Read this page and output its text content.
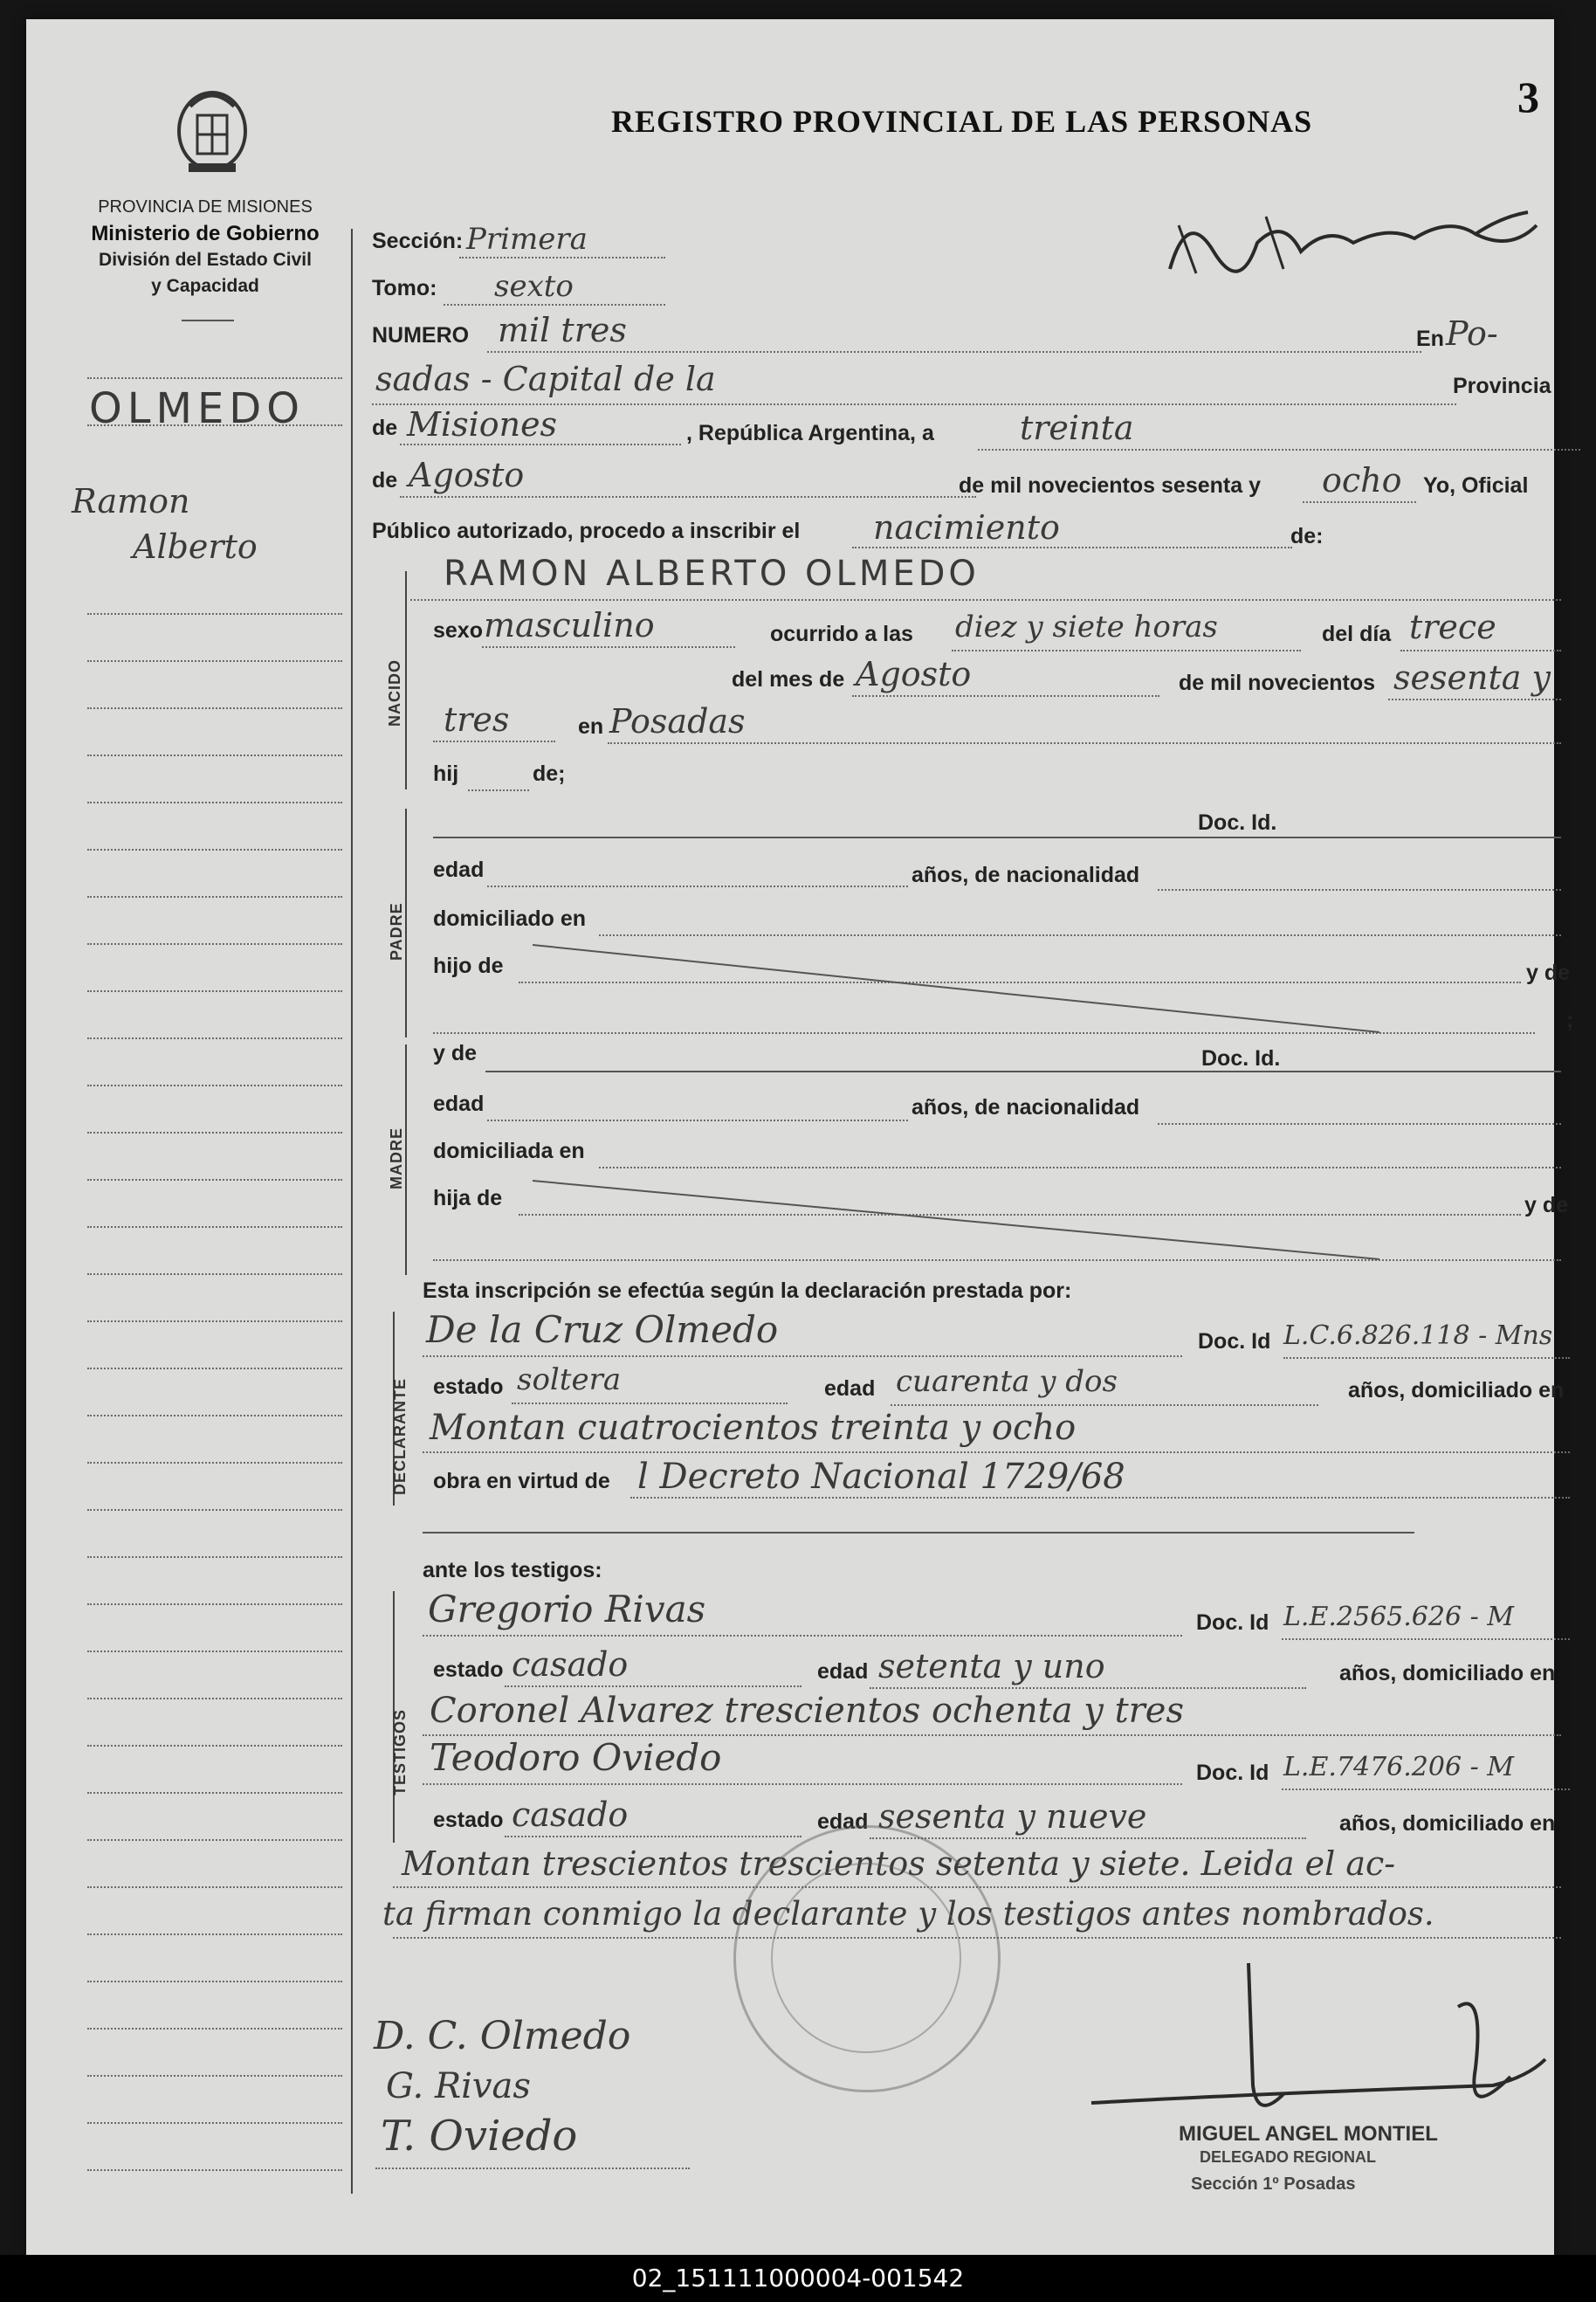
PROVINCIA DE MISIONES
Ministerio de Gobierno
División del Estado Civil
y Capacidad
REGISTRO PROVINCIAL DE LAS PERSONAS	3
OLMEDO
Ramon
Alberto
Sección: Primera
Tomo: sexto
NUMERO mil tres	En Po-
sadas - Capital de la	Provincia
de Misiones	, República Argentina, a	treinta
de Agosto	de mil novecientos sesenta y ocho Yo, Oficial
Público autorizado, procedo a inscribir el nacimiento	de:
RAMON ALBERTO OLMEDO
NACIDO
sexo masculino	ocurrido a las diez y siete horas	del día trece
del mes de Agosto	de mil novecientos sesenta y
tres	en Posadas
hij	de;
PADRE
Doc. Id.
edad	años, de nacionalidad
domiciliado en
hijo de	y de
;
MADRE
y de	Doc. Id.
edad	años, de nacionalidad
domiciliada en
hija de	y de
Esta inscripción se efectúa según la declaración prestada por:
DECLARANTE
De la Cruz Olmedo	Doc. Id L.C.6.826.118 - Mns
estado soltera	edad cuarenta y dos	años, domiciliado en
Montan cuatrocientos treinta y ocho
obra en virtud de l Decreto Nacional 1729/68
ante los testigos:
TESTIGOS
Gregorio Rivas	Doc. Id L.E.2565.626 - M
estado casado	edad setenta y uno	años, domiciliado en
Coronel Alvarez trescientos ochenta y tres
Teodoro Oviedo	Doc. Id L.E.7476.206 - M
estado casado	edad sesenta y nueve	años, domiciliado en
Montan trescientos trescientos setenta y siete. Leida el ac-
ta firman conmigo la declarante y los testigos antes nombrados.
D. C. Olmedo
G. Rivas
T. Oviedo	MIGUEL ANGEL MONTIEL
DELEGADO REGIONAL
Sección 1º Posadas
02_151111000004-001542
